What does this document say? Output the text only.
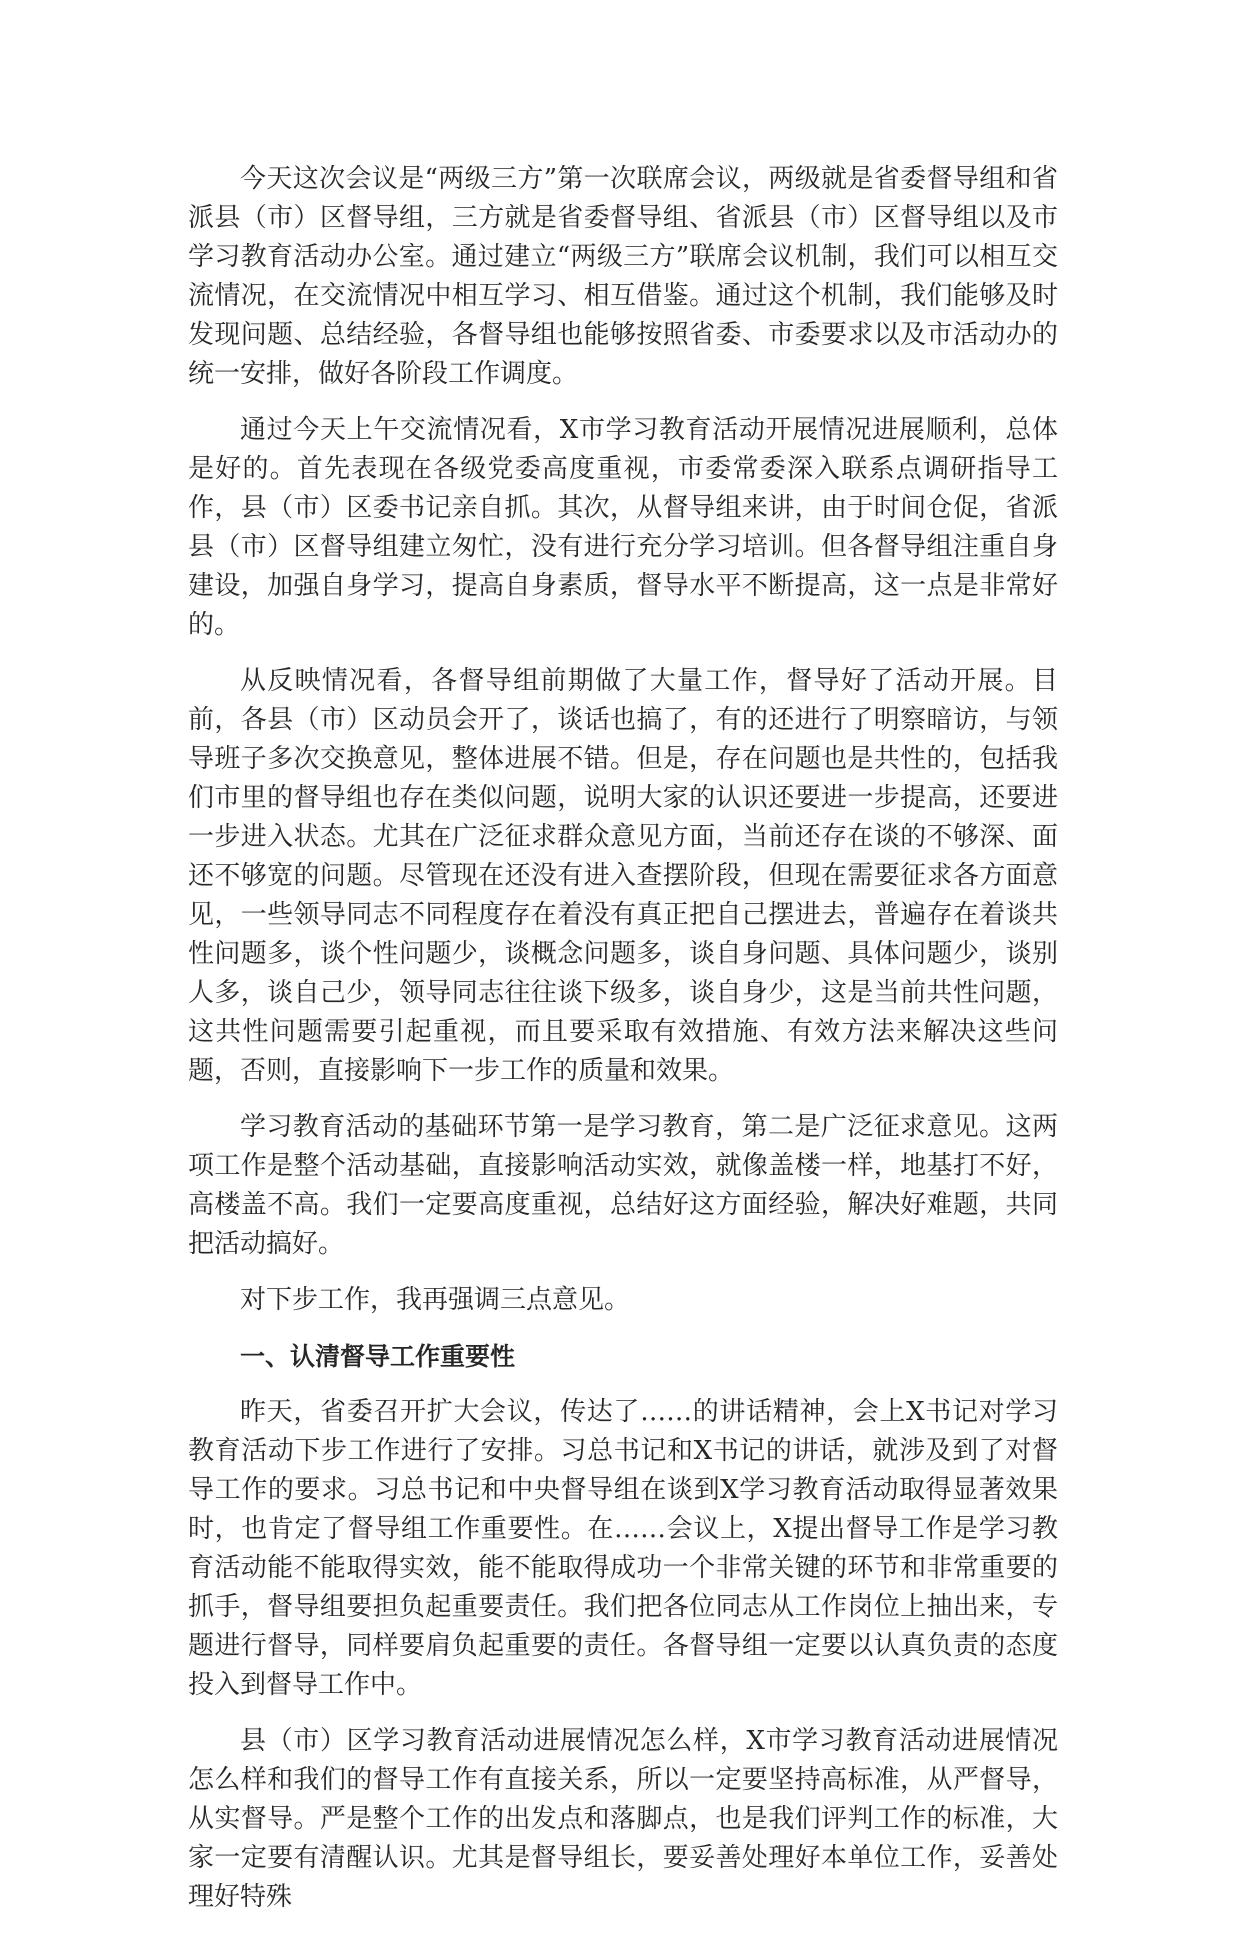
今天这次会议是“两级三方”第一次联席会议，两级就是省委督导组和省派县（市）区督导组，三方就是省委督导组、省派县（市）区督导组以及市学习教育活动办公室。通过建立“两级三方”联席会议机制，我们可以相互交流情况，在交流情况中相互学习、相互借鉴。通过这个机制，我们能够及时发现问题、总结经验，各督导组也能够按照省委、市委要求以及市活动办的统一安排，做好各阶段工作调度。

通过今天上午交流情况看，X市学习教育活动开展情况进展顺利，总体是好的。首先表现在各级党委高度重视，市委常委深入联系点调研指导工作，县（市）区委书记亲自抓。其次，从督导组来讲，由于时间仓促，省派县（市）区督导组建立匆忙，没有进行充分学习培训。但各督导组注重自身建设，加强自身学习，提高自身素质，督导水平不断提高，这一点是非常好的。

从反映情况看，各督导组前期做了大量工作，督导好了活动开展。目前，各县（市）区动员会开了，谈话也搞了，有的还进行了明察暗访，与领导班子多次交换意见，整体进展不错。但是，存在问题也是共性的，包括我们市里的督导组也存在类似问题，说明大家的认识还要进一步提高，还要进一步进入状态。尤其在广泛征求群众意见方面，当前还存在谈的不够深、面还不够宽的问题。尽管现在还没有进入查摆阶段，但现在需要征求各方面意见，一些领导同志不同程度存在着没有真正把自己摆进去，普遍存在着谈共性问题多，谈个性问题少，谈概念问题多，谈自身问题、具体问题少，谈别人多，谈自己少，领导同志往往谈下级多，谈自身少，这是当前共性问题，这共性问题需要引起重视，而且要采取有效措施、有效方法来解决这些问题，否则，直接影响下一步工作的质量和效果。

学习教育活动的基础环节第一是学习教育，第二是广泛征求意见。这两项工作是整个活动基础，直接影响活动实效，就像盖楼一样，地基打不好，高楼盖不高。我们一定要高度重视，总结好这方面经验，解决好难题，共同把活动搞好。

对下步工作，我再强调三点意见。

一、认清督导工作重要性

昨天，省委召开扩大会议，传达了……的讲话精神，会上X书记对学习教育活动下步工作进行了安排。习总书记和X书记的讲话，就涉及到了对督导工作的要求。习总书记和中央督导组在谈到X学习教育活动取得显著效果时，也肯定了督导组工作重要性。在……会议上，X提出督导工作是学习教育活动能不能取得实效，能不能取得成功一个非常关键的环节和非常重要的抓手，督导组要担负起重要责任。我们把各位同志从工作岗位上抽出来，专题进行督导，同样要肩负起重要的责任。各督导组一定要以认真负责的态度投入到督导工作中。

县（市）区学习教育活动进展情况怎么样，X市学习教育活动进展情况怎么样和我们的督导工作有直接关系，所以一定要坚持高标准，从严督导，从实督导。严是整个工作的出发点和落脚点，也是我们评判工作的标准，大家一定要有清醒认识。尤其是督导组长，要妥善处理好本单位工作，妥善处理好特殊
